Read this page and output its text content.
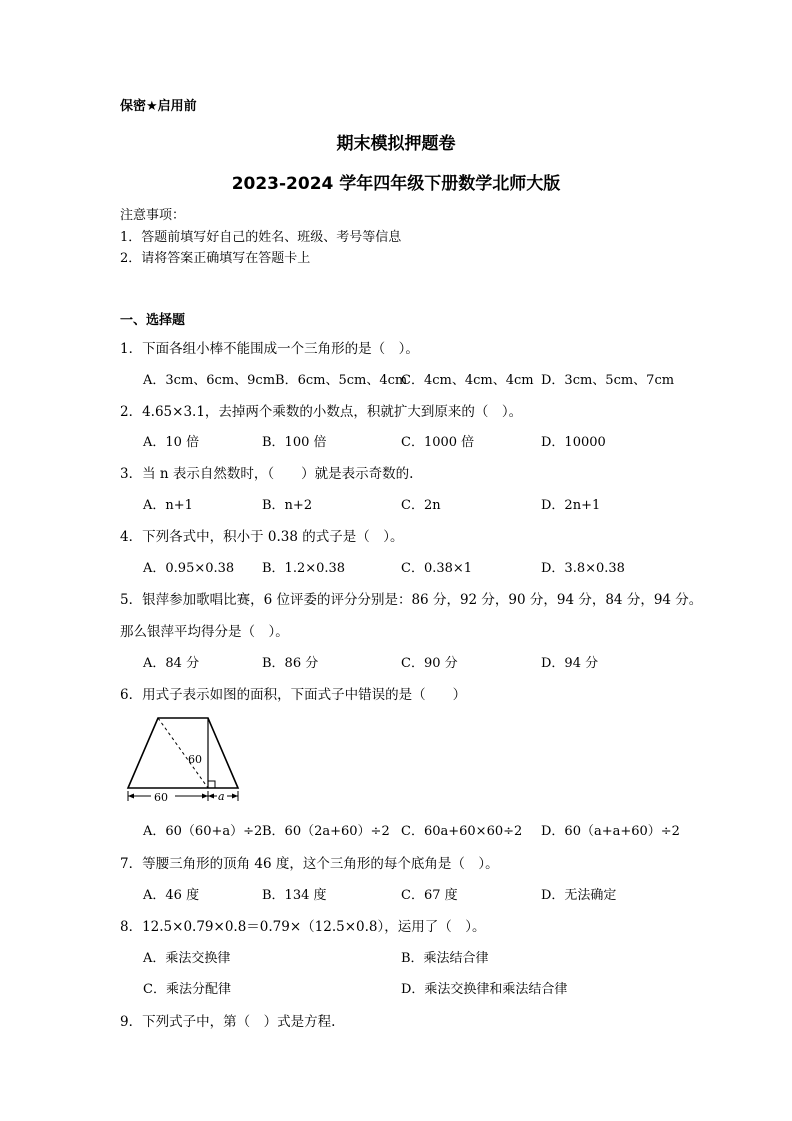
保密★启用前
期末模拟押题卷
2023-2024 学年四年级下册数学北师大版
注意事项：
1．答题前填写好自己的姓名、班级、考号等信息
2．请将答案正确填写在答题卡上
一、选择题
1．下面各组小棒不能围成一个三角形的是（　）。
A．3cm、6cm、9cmB．6cm、5cm、4cm
C．4cm、4cm、4cm D．3cm、5cm、7cm
2．4.65×3.1，去掉两个乘数的小数点，积就扩大到原来的（　）。
A．10 倍	B．100 倍	C．1000 倍	D．10000
3．当 n 表示自然数时，（　　）就是表示奇数的.
A．n+1	B．n+2	C．2n	D．2n+1
4．下列各式中，积小于 0.38 的式子是（　）。
A．0.95×0.38 B．1.2×0.38	C．0.38×1	D．3.8×0.38
5．银萍参加歌唱比赛，6 位评委的评分分别是：86 分，92 分，90 分，94 分，84 分，94 分。
那么银萍平均得分是（　）。
A．84 分	B．86 分	C．90 分	D．94 分
6．用式子表示如图的面积，下面式子中错误的是（　　）
60
60	a
A．60（60+a）÷2 B．60（2a+60）÷2 C．60a+60×60÷2 D．60（a+a+60）÷2
7．等腰三角形的顶角 46 度，这个三角形的每个底角是（　）。
A．46 度	B．134 度	C．67 度	D．无法确定
8．12.5×0.79×0.8＝0.79×（12.5×0.8），运用了（　）。
A．乘法交换律	B．乘法结合律
C．乘法分配律	D．乘法交换律和乘法结合律
9．下列式子中，第（　）式是方程.
